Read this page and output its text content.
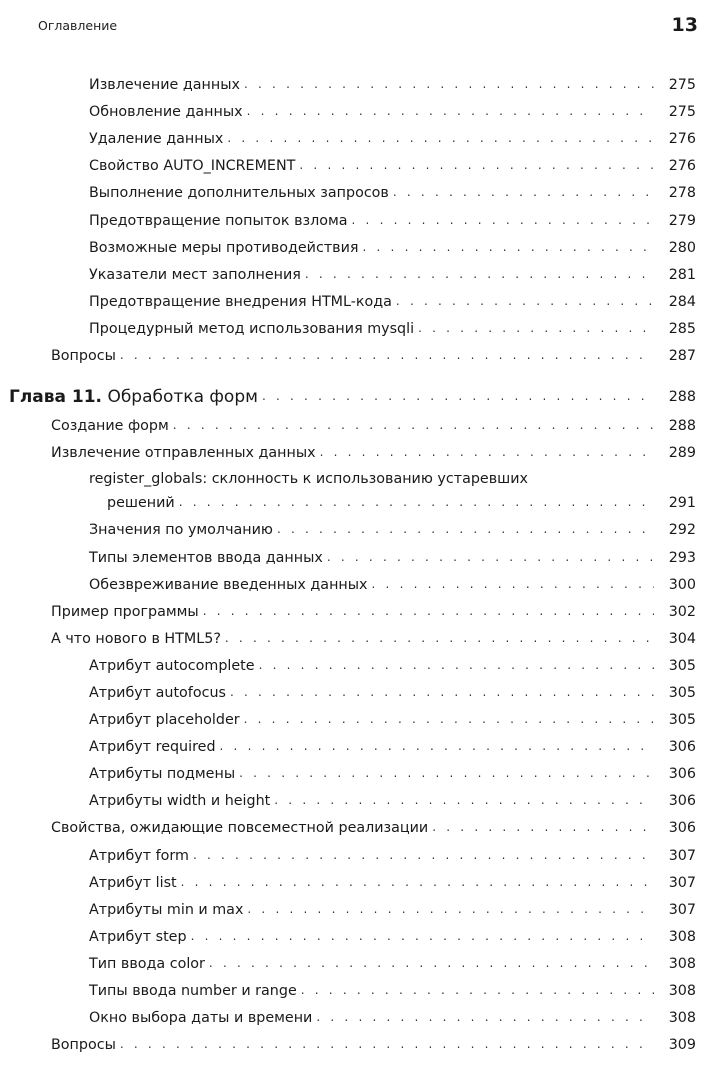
Оглавление	13
Извлечение данных . . .	275
Обновление данных . . .	275
Удаление данных . . .	276
Свойство AUTO_INCREMENT . . .	276
Выполнение дополнительных запросов . . .	278
Предотвращение попыток взлома . . .	279
Возможные меры противодействия . . .	280
Указатели мест заполнения . . .	281
Предотвращение внедрения HTML-кода . . .	284
Процедурный метод использования mysqli . . .	285
Вопросы . . .	287
Глава 11. Обработка форм . . .	288
Создание форм . . .	288
Извлечение отправленных данных . . .	289
register_globals: склонность к использованию устаревших
решений . . .	291
Значения по умолчанию . . .	292
Типы элементов ввода данных . . .	293
Обезвреживание введенных данных . . .	300
Пример программы . . .	302
А что нового в HTML5? . . .	304
Атрибут autocomplete . . .	305
Атрибут autofocus . . .	305
Атрибут placeholder . . .	305
Атрибут required . . .	306
Атрибуты подмены . . .	306
Атрибуты width и height . . .	306
Свойства, ожидающие повсеместной реализации . . .	306
Атрибут form . . .	307
Атрибут list . . .	307
Атрибуты min и max . . .	307
Атрибут step . . .	308
Тип ввода color . . .	308
Типы ввода number и range . . .	308
Окно выбора даты и времени . . .	308
Вопросы . . .	309
